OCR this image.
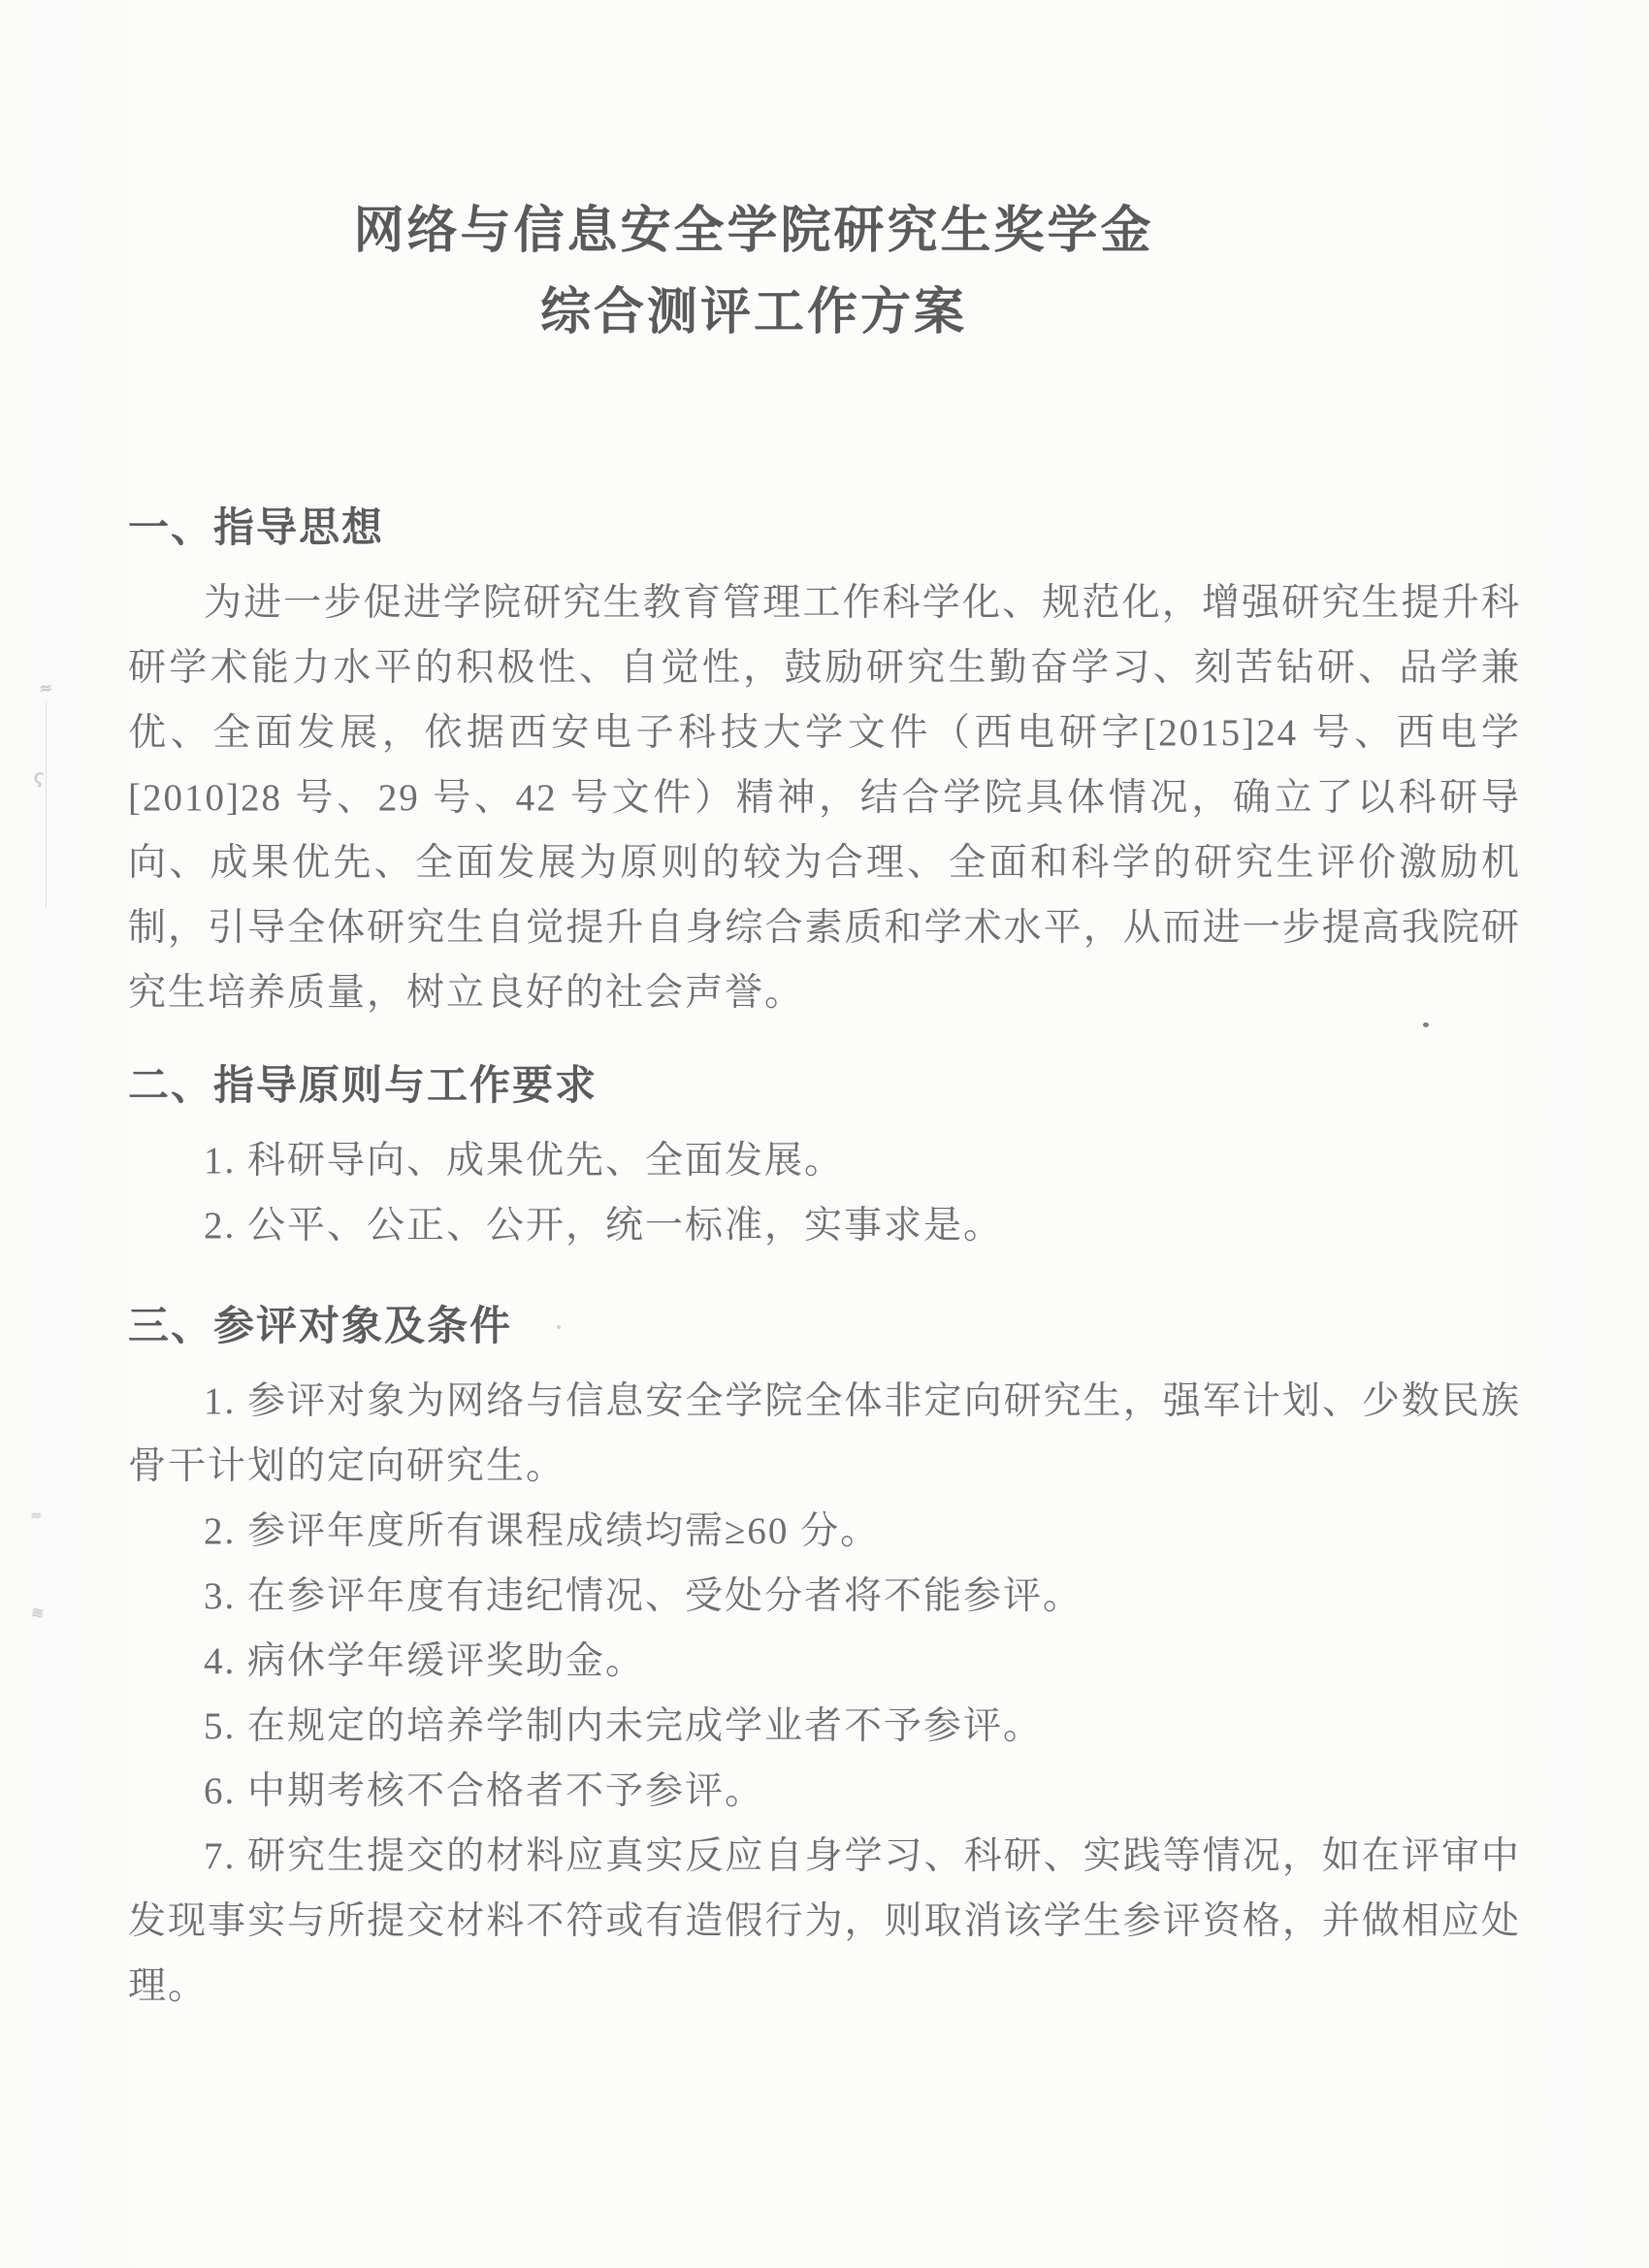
网络与信息安全学院研究生奖学金
综合测评工作方案
一、指导思想

为进一步促进学院研究生教育管理工作科学化、规范化，增强研究生提升科研学术能力水平的积极性、自觉性，鼓励研究生勤奋学习、刻苦钻研、品学兼优、全面发展，依据西安电子科技大学文件（西电研字[2015]24 号、西电学[2010]28 号、29 号、42 号文件）精神，结合学院具体情况，确立了以科研导向、成果优先、全面发展为原则的较为合理、全面和科学的研究生评价激励机制，引导全体研究生自觉提升自身综合素质和学术水平，从而进一步提高我院研究生培养质量，树立良好的社会声誉。

二、指导原则与工作要求

1. 科研导向、成果优先、全面发展。

2. 公平、公正、公开，统一标准，实事求是。

三、参评对象及条件

1. 参评对象为网络与信息安全学院全体非定向研究生，强军计划、少数民族骨干计划的定向研究生。

2. 参评年度所有课程成绩均需≥60 分。

3. 在参评年度有违纪情况、受处分者将不能参评。

4. 病休学年缓评奖助金。

5. 在规定的培养学制内未完成学业者不予参评。

6. 中期考核不合格者不予参评。

7. 研究生提交的材料应真实反应自身学习、科研、实践等情况，如在评审中发现事实与所提交材料不符或有造假行为，则取消该学生参评资格，并做相应处理。

≈
ς
≈
≋
